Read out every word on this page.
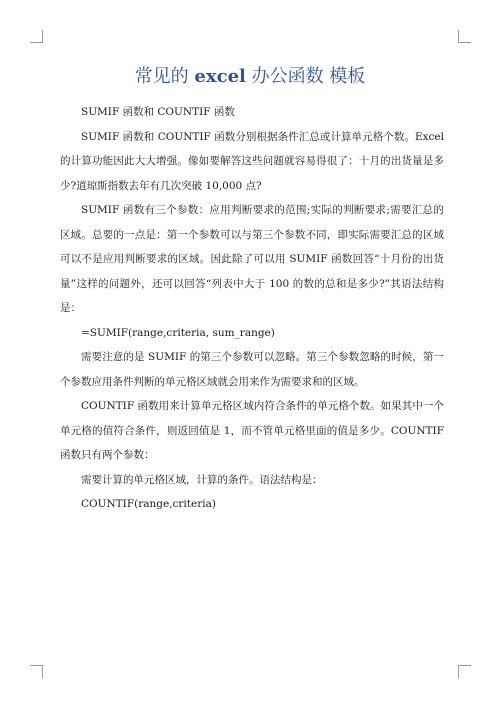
常见的 excel 办公函数 模板

SUMIF 函数和 COUNTIF 函数

SUMIF 函数和 COUNTIF 函数分别根据条件汇总或计算单元格个数。Excel 的计算功能因此大大增强。像如要解答这些问题就容易得很了：十月的出货量是多少?道琼斯指数去年有几次突破 10,000 点?

SUMIF 函数有三个参数：应用判断要求的范围;实际的判断要求;需要汇总的区域。总要的一点是：第一个参数可以与第三个参数不同，即实际需要汇总的区域可以不是应用判断要求的区域。因此除了可以用 SUMIF 函数回答“十月份的出货量”这样的问题外，还可以回答“列表中大于 100 的数的总和是多少?”其语法结构是：

=SUMIF(range,criteria, sum_range)

需要注意的是 SUMIF 的第三个参数可以忽略。第三个参数忽略的时候，第一个参数应用条件判断的单元格区域就会用来作为需要求和的区域。

COUNTIF 函数用来计算单元格区域内符合条件的单元格个数。如果其中一个单元格的值符合条件，则返回值是 1，而不管单元格里面的值是多少。COUNTIF 函数只有两个参数：

需要计算的单元格区域，计算的条件。语法结构是：

COUNTIF(range,criteria)
